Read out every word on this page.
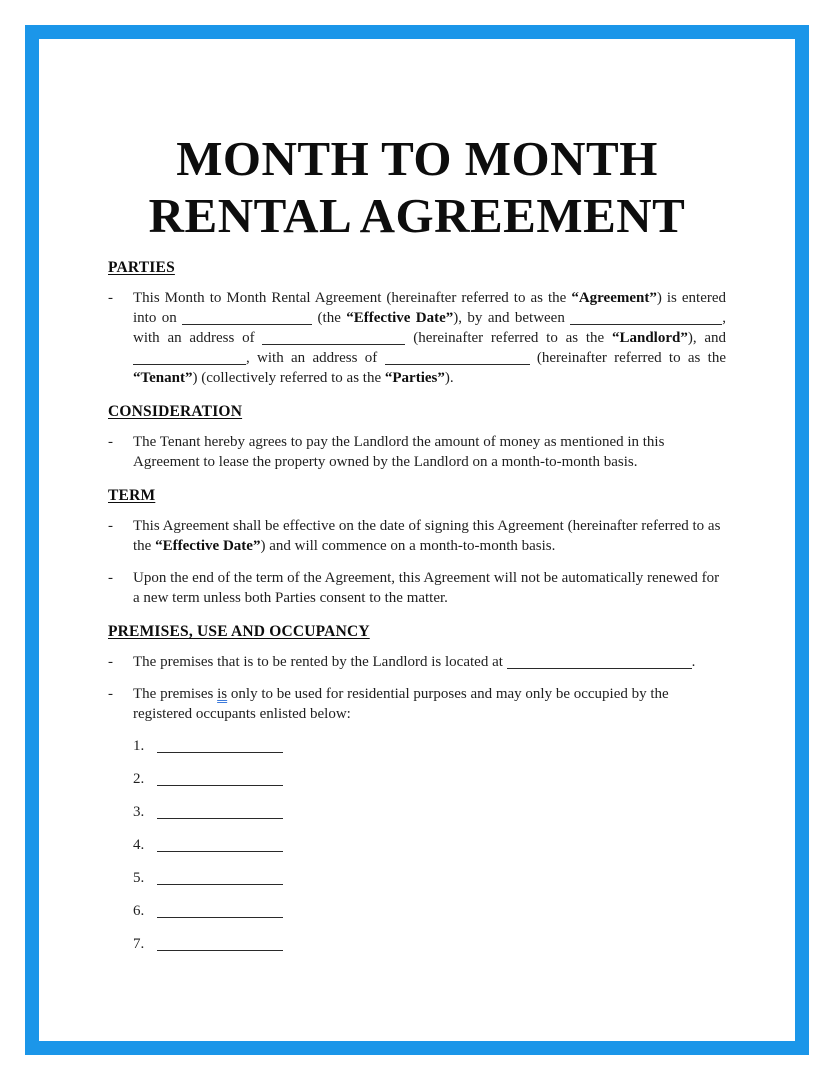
MONTH TO MONTH
RENTAL AGREEMENT
PARTIES
-	This Month to Month Rental Agreement (hereinafter referred to as the “Agreement”) is entered into on	(the “Effective Date”), by and between	, with an address of	(hereinafter referred to as the “Landlord”), and , with an address of	(hereinafter referred to as the “Tenant”) (collectively referred to as the “Parties”).
CONSIDERATION
-	The Tenant hereby agrees to pay the Landlord the amount of money as mentioned in this Agreement to lease the property owned by the Landlord on a month-to-month basis.
TERM
-	This Agreement shall be effective on the date of signing this Agreement (hereinafter referred to as the “Effective Date”) and will commence on a month-to-month basis.
-	Upon the end of the term of the Agreement, this Agreement will not be automatically renewed for a new term unless both Parties consent to the matter.
PREMISES, USE AND OCCUPANCY
-	The premises that is to be rented by the Landlord is located at	.
-	The premises is only to be used for residential purposes and may only be occupied by the registered occupants enlisted below:
1.
2.
3.
4.
5.
6.
7.
